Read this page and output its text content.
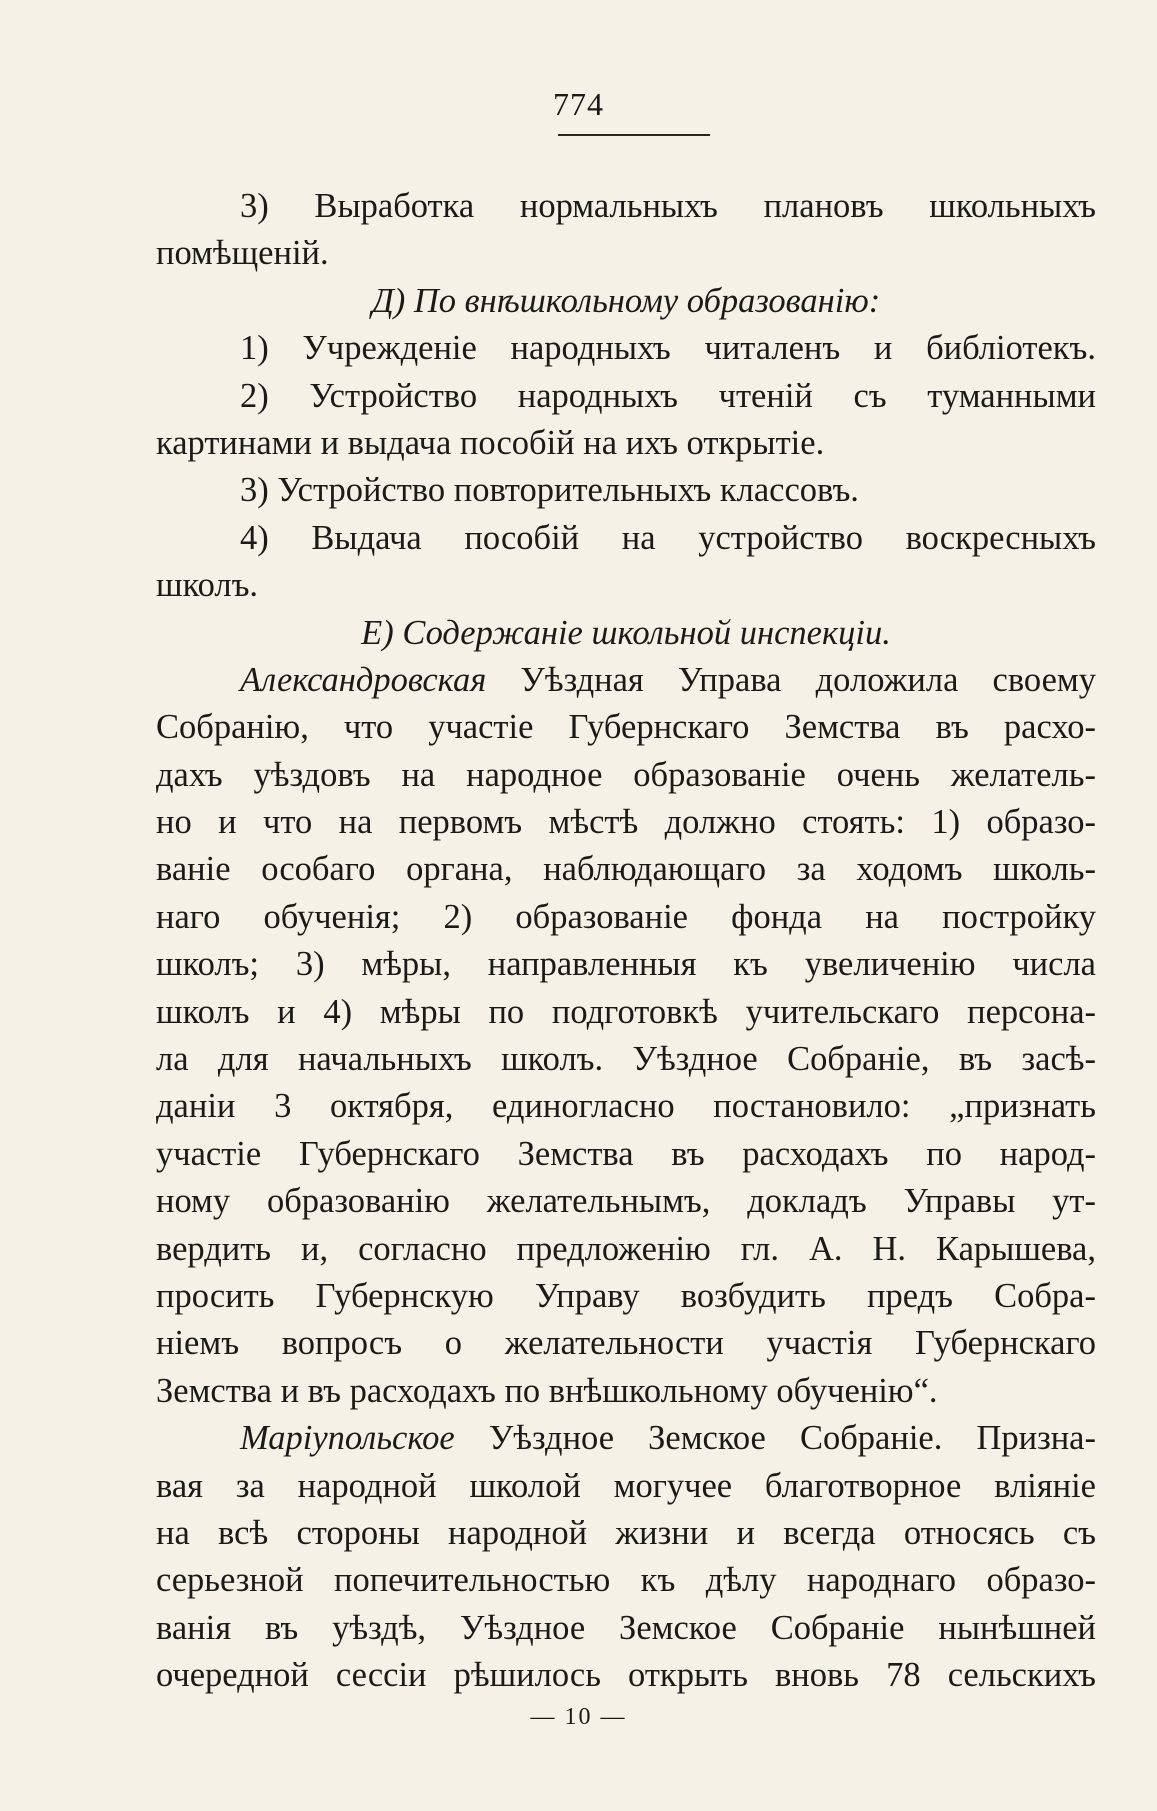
774
3) Выработка нормальныхъ плановъ школьныхъ
помѣщеній.
Д) По внѣшкольному образованію:
1) Учрежденіе народныхъ читаленъ и библіотекъ.
2) Устройство народныхъ чтеній съ туманными
картинами и выдача пособій на ихъ открытіе.
3) Устройство повторительныхъ классовъ.
4) Выдача пособій на устройство воскресныхъ
школъ.
Е) Содержаніе школьной инспекціи.
Александровская Уѣздная Управа доложила своему
Собранію, что участіе Губернскаго Земства въ расхо-
дахъ уѣздовъ на народное образованіе очень желатель-
но и что на первомъ мѣстѣ должно стоять: 1) образо-
ваніе особаго органа, наблюдающаго за ходомъ школь-
наго обученія; 2) образованіе фонда на постройку
школъ; 3) мѣры, направленныя къ увеличенію числа
школъ и 4) мѣры по подготовкѣ учительскаго персона-
ла для начальныхъ школъ. Уѣздное Собраніе, въ засѣ-
даніи 3 октября, единогласно постановило: „признать
участіе Губернскаго Земства въ расходахъ по народ-
ному образованію желательнымъ, докладъ Управы ут-
вердить и, согласно предложенію гл. А. Н. Карышева,
просить Губернскую Управу возбудить предъ Собра-
ніемъ вопросъ о желательности участія Губернскаго
Земства и въ расходахъ по внѣшкольному обученію“.
Маріупольское Уѣздное Земское Собраніе. Призна-
вая за народной школой могучее благотворное вліяніе
на всѣ стороны народной жизни и всегда относясь съ
серьезной попечительностью къ дѣлу народнаго образо-
ванія въ уѣздѣ, Уѣздное Земское Собраніе нынѣшней
очередной сессіи рѣшилось открыть вновь 78 сельскихъ
— 10 —
